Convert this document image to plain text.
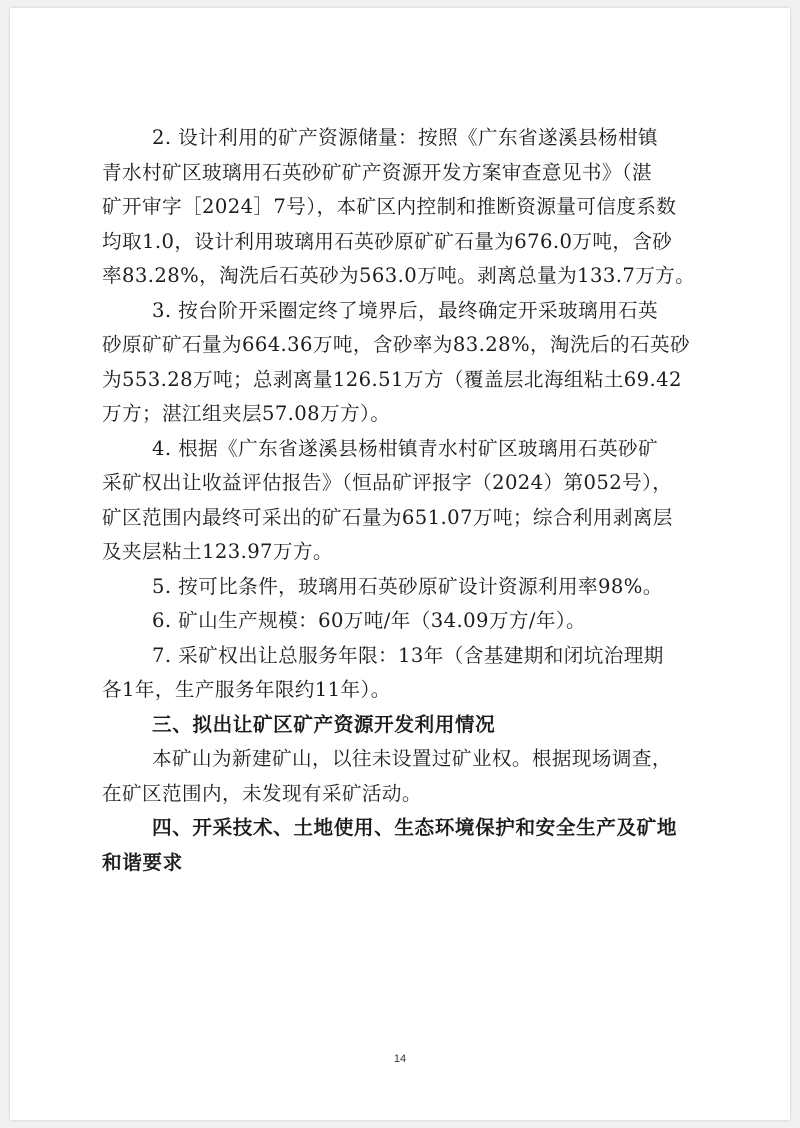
2. 设计利用的矿产资源储量：按照《广东省遂溪县杨柑镇
青水村矿区玻璃用石英砂矿矿产资源开发方案审查意见书》（湛
矿开审字［2024］7号），本矿区内控制和推断资源量可信度系数
均取1.0，设计利用玻璃用石英砂原矿矿石量为676.0万吨，含砂
率83.28%，淘洗后石英砂为563.0万吨。剥离总量为133.7万方。
3. 按台阶开采圈定终了境界后，最终确定开采玻璃用石英
砂原矿矿石量为664.36万吨，含砂率为83.28%，淘洗后的石英砂
为553.28万吨；总剥离量126.51万方（覆盖层北海组粘土69.42
万方；湛江组夹层57.08万方）。
4. 根据《广东省遂溪县杨柑镇青水村矿区玻璃用石英砂矿
采矿权出让收益评估报告》（恒品矿评报字（2024）第052号），
矿区范围内最终可采出的矿石量为651.07万吨；综合利用剥离层
及夹层粘土123.97万方。
5. 按可比条件，玻璃用石英砂原矿设计资源利用率98%。
6. 矿山生产规模：60万吨/年（34.09万方/年）。
7. 采矿权出让总服务年限：13年（含基建期和闭坑治理期
各1年，生产服务年限约11年）。
三、拟出让矿区矿产资源开发利用情况
本矿山为新建矿山，以往未设置过矿业权。根据现场调查，
在矿区范围内，未发现有采矿活动。
四、开采技术、土地使用、生态环境保护和安全生产及矿地
和谐要求
14
